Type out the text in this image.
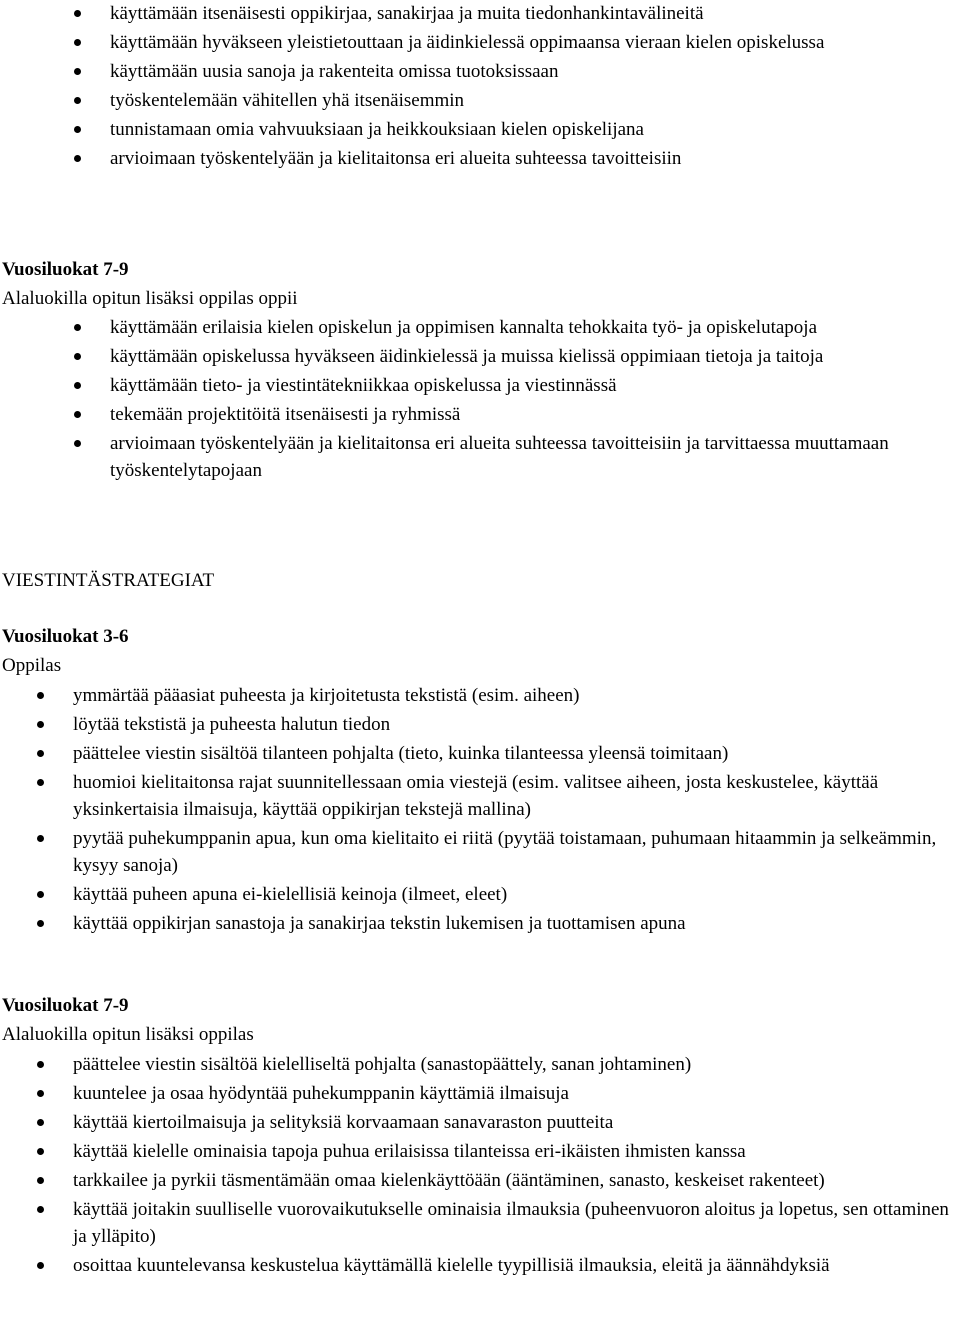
käyttämään itsenäisesti oppikirjaa, sanakirjaa ja muita tiedonhankintavälineitä
käyttämään hyväkseen yleistietouttaan ja äidinkielessä oppimaansa vieraan kielen opiskelussa
käyttämään uusia sanoja ja rakenteita omissa tuotoksissaan
työskentelemään vähitellen yhä itsenäisemmin
tunnistamaan omia vahvuuksiaan ja heikkouksiaan kielen opiskelijana
arvioimaan työskentelyään ja kielitaitonsa eri alueita suhteessa tavoitteisiin

Vuosiluokat 7-9

Alaluokilla opitun lisäksi oppilas oppii

käyttämään erilaisia kielen opiskelun ja oppimisen kannalta tehokkaita työ- ja opiskelutapoja
käyttämään opiskelussa hyväkseen äidinkielessä ja muissa kielissä oppimiaan tietoja ja taitoja
käyttämään tieto- ja viestintätekniikkaa opiskelussa ja viestinnässä
tekemään projektitöitä itsenäisesti ja ryhmissä
arvioimaan työskentelyään ja kielitaitonsa eri alueita suhteessa tavoitteisiin ja tarvittaessa muuttamaan työskentelytapojaan
VIESTINTÄSTRATEGIAT

Vuosiluokat 3-6

Oppilas

ymmärtää pääasiat puheesta ja kirjoitetusta tekstistä (esim. aiheen)
löytää tekstistä ja puheesta halutun tiedon
päättelee viestin sisältöä tilanteen pohjalta (tieto, kuinka tilanteessa yleensä toimitaan)
huomioi kielitaitonsa rajat suunnitellessaan omia viestejä (esim. valitsee aiheen, josta keskustelee, käyttää yksinkertaisia ilmaisuja, käyttää oppikirjan tekstejä mallina)
pyytää puhekumppanin apua, kun oma kielitaito ei riitä (pyytää toistamaan, puhumaan hitaammin ja selkeämmin, kysyy sanoja)
käyttää puheen apuna ei-kielellisiä keinoja (ilmeet, eleet)
käyttää oppikirjan sanastoja ja sanakirjaa tekstin lukemisen ja tuottamisen apuna

Vuosiluokat 7-9

Alaluokilla opitun lisäksi oppilas

päättelee viestin sisältöä kielelliseltä pohjalta (sanastopäättely, sanan johtaminen)
kuuntelee ja osaa hyödyntää puhekumppanin käyttämiä ilmaisuja
käyttää kiertoilmaisuja ja selityksiä korvaamaan sanavaraston puutteita
käyttää kielelle ominaisia tapoja puhua erilaisissa tilanteissa eri-ikäisten ihmisten kanssa
tarkkailee ja pyrkii täsmentämään omaa kielenkäyttöään (ääntäminen, sanasto, keskeiset rakenteet)
käyttää joitakin suulliselle vuorovaikutukselle ominaisia ilmauksia (puheenvuoron aloitus ja lopetus, sen ottaminen ja ylläpito)
osoittaa kuuntelevansa keskustelua käyttämällä kielelle tyypillisiä ilmauksia, eleitä ja äännähdyksiä
